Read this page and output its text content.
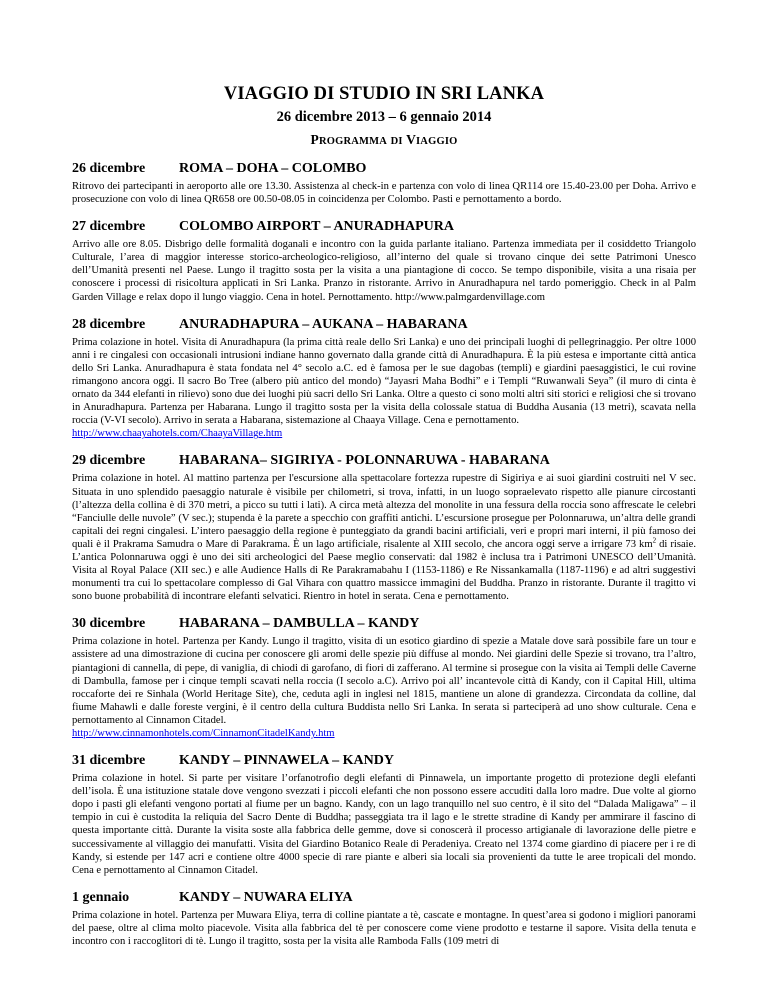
VIAGGIO DI STUDIO IN SRI LANKA
26 dicembre 2013 – 6 gennaio 2014
PROGRAMMA DI VIAGGIO
26 dicembre	ROMA – DOHA – COLOMBO
Ritrovo dei partecipanti in aeroporto alle ore 13.30. Assistenza al check-in e partenza con volo di linea QR114 ore 15.40-23.00 per Doha. Arrivo e prosecuzione con volo di linea QR658 ore 00.50-08.05 in coincidenza per Colombo. Pasti e pernottamento a bordo.
27 dicembre	COLOMBO AIRPORT – ANURADHAPURA
Arrivo alle ore 8.05. Disbrigo delle formalità doganali e incontro con la guida parlante italiano. Partenza immediata per il cosiddetto Triangolo Culturale, l’area di maggior interesse storico-archeologico-religioso, all’interno del quale si trovano cinque dei sette Patrimoni Unesco dell’Umanità presenti nel Paese. Lungo il tragitto sosta per la visita a una piantagione di cocco. Se tempo disponibile, visita a una risaia per conoscere i processi di risicoltura applicati in Sri Lanka. Pranzo in ristorante. Arrivo in Anuradhapura nel tardo pomeriggio. Check in al Palm Garden Village e relax dopo il lungo viaggio. Cena in hotel. Pernottamento. http://www.palmgardenvillage.com
28 dicembre	ANURADHAPURA – AUKANA – HABARANA
Prima colazione in hotel. Visita di Anuradhapura (la prima città reale dello Sri Lanka) e uno dei principali luoghi di pellegrinaggio. Per oltre 1000 anni i re cingalesi con occasionali intrusioni indiane hanno governato dalla grande città di Anuradhapura. È la più estesa e importante città antica dello Sri Lanka. Anuradhapura è stata fondata nel 4° secolo a.C. ed è famosa per le sue dagobas (templi) e giardini paesaggistici, le cui rovine rimangono ancora oggi. Il sacro Bo Tree (albero più antico del mondo) “Jayasri Maha Bodhi” e i Templi “Ruwanwali Seya” (il muro di cinta è ornato da 344 elefanti in rilievo) sono due dei luoghi più sacri dello Sri Lanka. Oltre a questo ci sono molti altri siti storici e religiosi che si trovano in Anuradhapura. Partenza per Habarana. Lungo il tragitto sosta per la visita della colossale statua di Buddha Ausania (13 metri), scavata nella roccia (V-VI secolo). Arrivo in serata a Habarana, sistemazione al Chaaya Village. Cena e pernottamento.
http://www.chaayahotels.com/ChaayaVillage.htm
29 dicembre	HABARANA– SIGIRIYA - POLONNARUWA - HABARANA
Prima colazione in hotel. Al mattino partenza per l'escursione alla spettacolare fortezza rupestre di Sigiriya e ai suoi giardini costruiti nel V sec. Situata in uno splendido paesaggio naturale è visibile per chilometri, si trova, infatti, in un luogo sopraelevato rispetto alle pianure circostanti (l’altezza della collina è di 370 metri, a picco su tutti i lati). A circa metà altezza del monolite in una fessura della roccia sono affrescate le celebri “Fanciulle delle nuvole” (V sec.); stupenda è la parete a specchio con graffiti antichi. L’escursione prosegue per Polonnaruwa, un’altra delle grandi capitali dei regni cingalesi. L’intero paesaggio della regione è punteggiato da grandi bacini artificiali, veri e propri mari interni, il più famoso dei quali è il Prakrama Samudra o Mare di Parakrama. È un lago artificiale, risalente al XIII secolo, che ancora oggi serve a irrigare 73 $km^2$ di risaie. L’antica Polonnaruwa oggi è uno dei siti archeologici del Paese meglio conservati: dal 1982 è inclusa tra i Patrimoni UNESCO dell’Umanità. Visita al Royal Palace (XII sec.) e alle Audience Halls di Re Parakramabahu I (1153-1186) e Re Nissankamalla (1187-1196) e ad altri suggestivi monumenti tra cui lo spettacolare complesso di Gal Vihara con quattro massicce immagini del Buddha. Pranzo in ristorante. Durante il tragitto vi sono buone probabilità di incontrare elefanti selvatici. Rientro in hotel in serata. Cena e pernottamento.
30 dicembre	HABARANA – DAMBULLA – KANDY
Prima colazione in hotel. Partenza per Kandy. Lungo il tragitto, visita di un esotico giardino di spezie a Matale dove sarà possibile fare un tour e assistere ad una dimostrazione di cucina per conoscere gli aromi delle spezie più diffuse al mondo. Nei giardini delle Spezie si trovano, tra l’altro, piantagioni di cannella, di pepe, di vaniglia, di chiodi di garofano, di fiori di zafferano. Al termine si prosegue con la visita ai Templi delle Caverne di Dambulla, famose per i cinque templi scavati nella roccia (I secolo a.C). Arrivo poi all’ incantevole città di Kandy, con il Capital Hill, ultima roccaforte dei re Sinhala (World Heritage Site), che, ceduta agli in inglesi nel 1815, mantiene un alone di grandezza. Circondata da colline, dal fiume Mahawli e dalle foreste vergini, è il centro della cultura Buddista nello Sri Lanka. In serata si parteciperà ad uno show culturale. Cena e pernottamento al Cinnamon Citadel.
http://www.cinnamonhotels.com/CinnamonCitadelKandy.htm
31 dicembre	KANDY – PINNAWELA – KANDY
Prima colazione in hotel. Si parte per visitare l’orfanotrofio degli elefanti di Pinnawela, un importante progetto di protezione degli elefanti dell’isola. È una istituzione statale dove vengono svezzati i piccoli elefanti che non possono essere accuditi dalla loro madre. Due volte al giorno dopo i pasti gli elefanti vengono portati al fiume per un bagno. Kandy, con un lago tranquillo nel suo centro, è il sito del “Dalada Maligawa” – il tempio in cui è custodita la reliquia del Sacro Dente di Buddha; passeggiata tra il lago e le strette stradine di Kandy per ammirare il fascino di questa importante città. Durante la visita soste alla fabbrica delle gemme, dove si conoscerà il processo artigianale di lavorazione delle pietre e successivamente al villaggio dei manufatti. Visita del Giardino Botanico Reale di Peradeniya. Creato nel 1374 come giardino di piacere per i re di Kandy, si estende per 147 acri e contiene oltre 4000 specie di rare piante e alberi sia locali sia provenienti da tutte le aree tropicali del mondo. Cena e pernottamento al Cinnamon Citadel.
1 gennaio	KANDY – NUWARA ELIYA
Prima colazione in hotel. Partenza per Muwara Eliya, terra di colline piantate a tè, cascate e montagne. In quest’area si godono i migliori panorami del paese, oltre al clima molto piacevole. Visita alla fabbrica del tè per conoscere come viene prodotto e testarne il sapore. Visita della tenuta e incontro con i raccoglitori di tè. Lungo il tragitto, sosta per la visita alle Ramboda Falls (109 metri di
